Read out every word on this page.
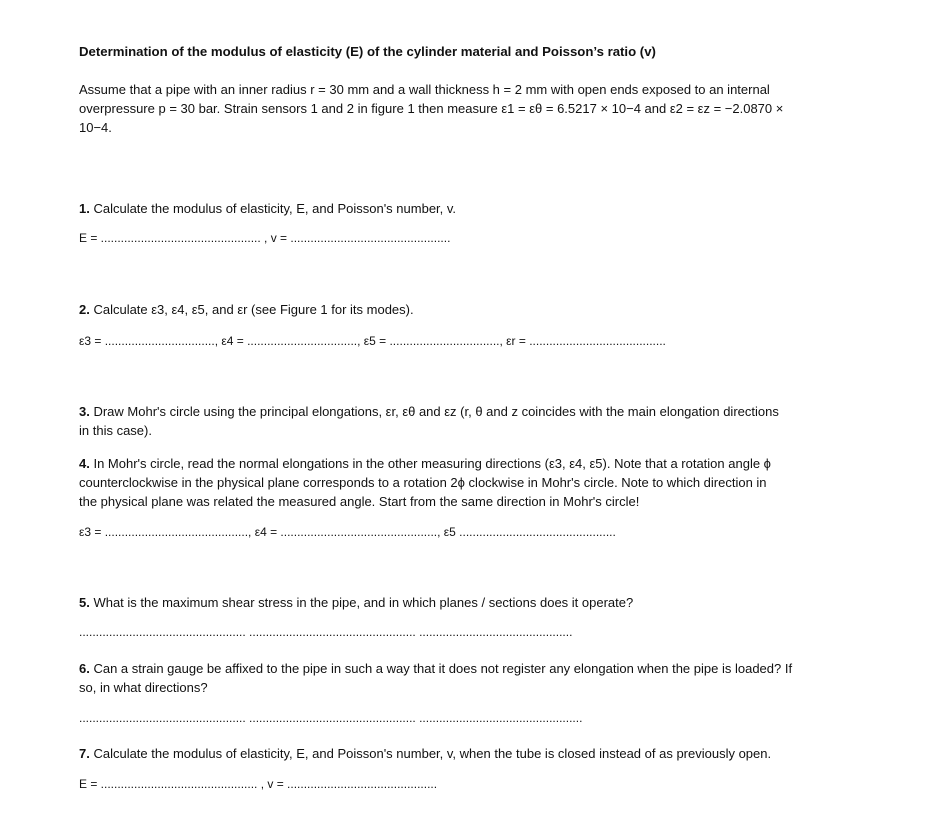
Determination of the modulus of elasticity (E) of the cylinder material and Poisson’s ratio (v)

Assume that a pipe with an inner radius r = 30 mm and a wall thickness h = 2 mm with open ends exposed to an internal

overpressure p = 30 bar. Strain sensors 1 and 2 in figure 1 then measure ε1 = εθ = 6.5217 × 10−4 and ε2 = εz = −2.0870 ×

10−4.

1. Calculate the modulus of elasticity, E, and Poisson's number, v.

E = ................................................ , v = ................................................

2. Calculate ε3, ε4, ε5, and εr (see Figure 1 for its modes).

ε3 = ................................., ε4 = ................................., ε5 = ................................., εr = .........................................

3. Draw Mohr's circle using the principal elongations, εr, εθ and εz (r, θ and z coincides with the main elongation directions

in this case).

4. In Mohr's circle, read the normal elongations in the other measuring directions (ε3, ε4, ε5). Note that a rotation angle ϕ

counterclockwise in the physical plane corresponds to a rotation 2ϕ clockwise in Mohr's circle. Note to which direction in

the physical plane was related the measured angle. Start from the same direction in Mohr's circle!

ε3 = ..........................................., ε4 = ..............................................., ε5 ...............................................

5. What is the maximum shear stress in the pipe, and in which planes / sections does it operate?

.................................................. .................................................. ..............................................

6. Can a strain gauge be affixed to the pipe in such a way that it does not register any elongation when the pipe is loaded? If

so, in what directions?

.................................................. .................................................. .................................................

7. Calculate the modulus of elasticity, E, and Poisson's number, v, when the tube is closed instead of as previously open.

E = ............................................... , v = .............................................
